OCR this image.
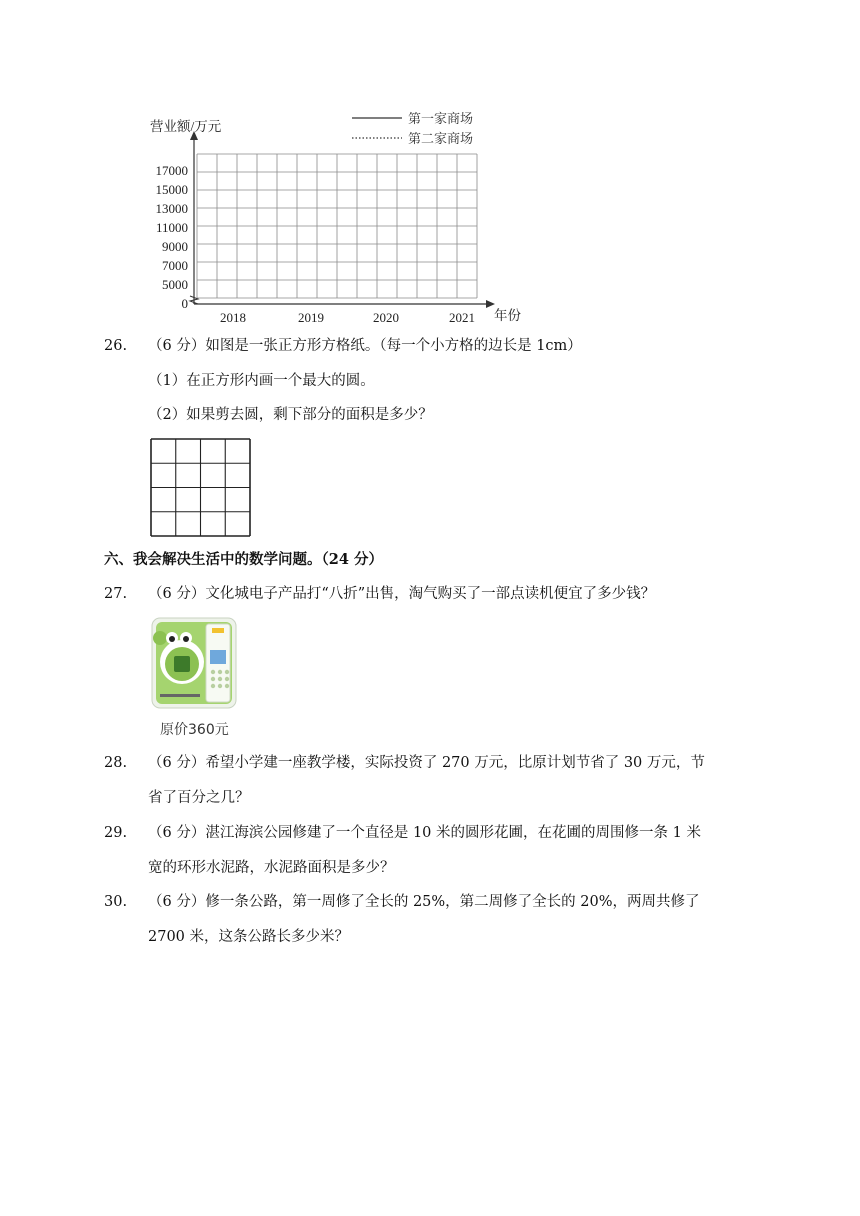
营业额/万元
年份
17000
15000
13000
11000
9000
7000
5000
0
2018	2019	2020	2021
第一家商场
第二家商场
26. （6 分）如图是一张正方形方格纸。（每一个小方格的边长是 1cm）
（1）在正方形内画一个最大的圆。
（2）如果剪去圆，剩下部分的面积是多少？
六、我会解决生活中的数学问题。（24 分）
27. （6 分）文化城电子产品打“八折”出售，淘气购买了一部点读机便宜了多少钱？
原价360元
28. （6 分）希望小学建一座教学楼，实际投资了 270 万元，比原计划节省了 30 万元，节
省了百分之几？
29. （6 分）湛江海滨公园修建了一个直径是 10 米的圆形花圃，在花圃的周围修一条 1 米
宽的环形水泥路，水泥路面积是多少？
30. （6 分）修一条公路，第一周修了全长的 25%，第二周修了全长的 20%，两周共修了
2700 米，这条公路长多少米？
